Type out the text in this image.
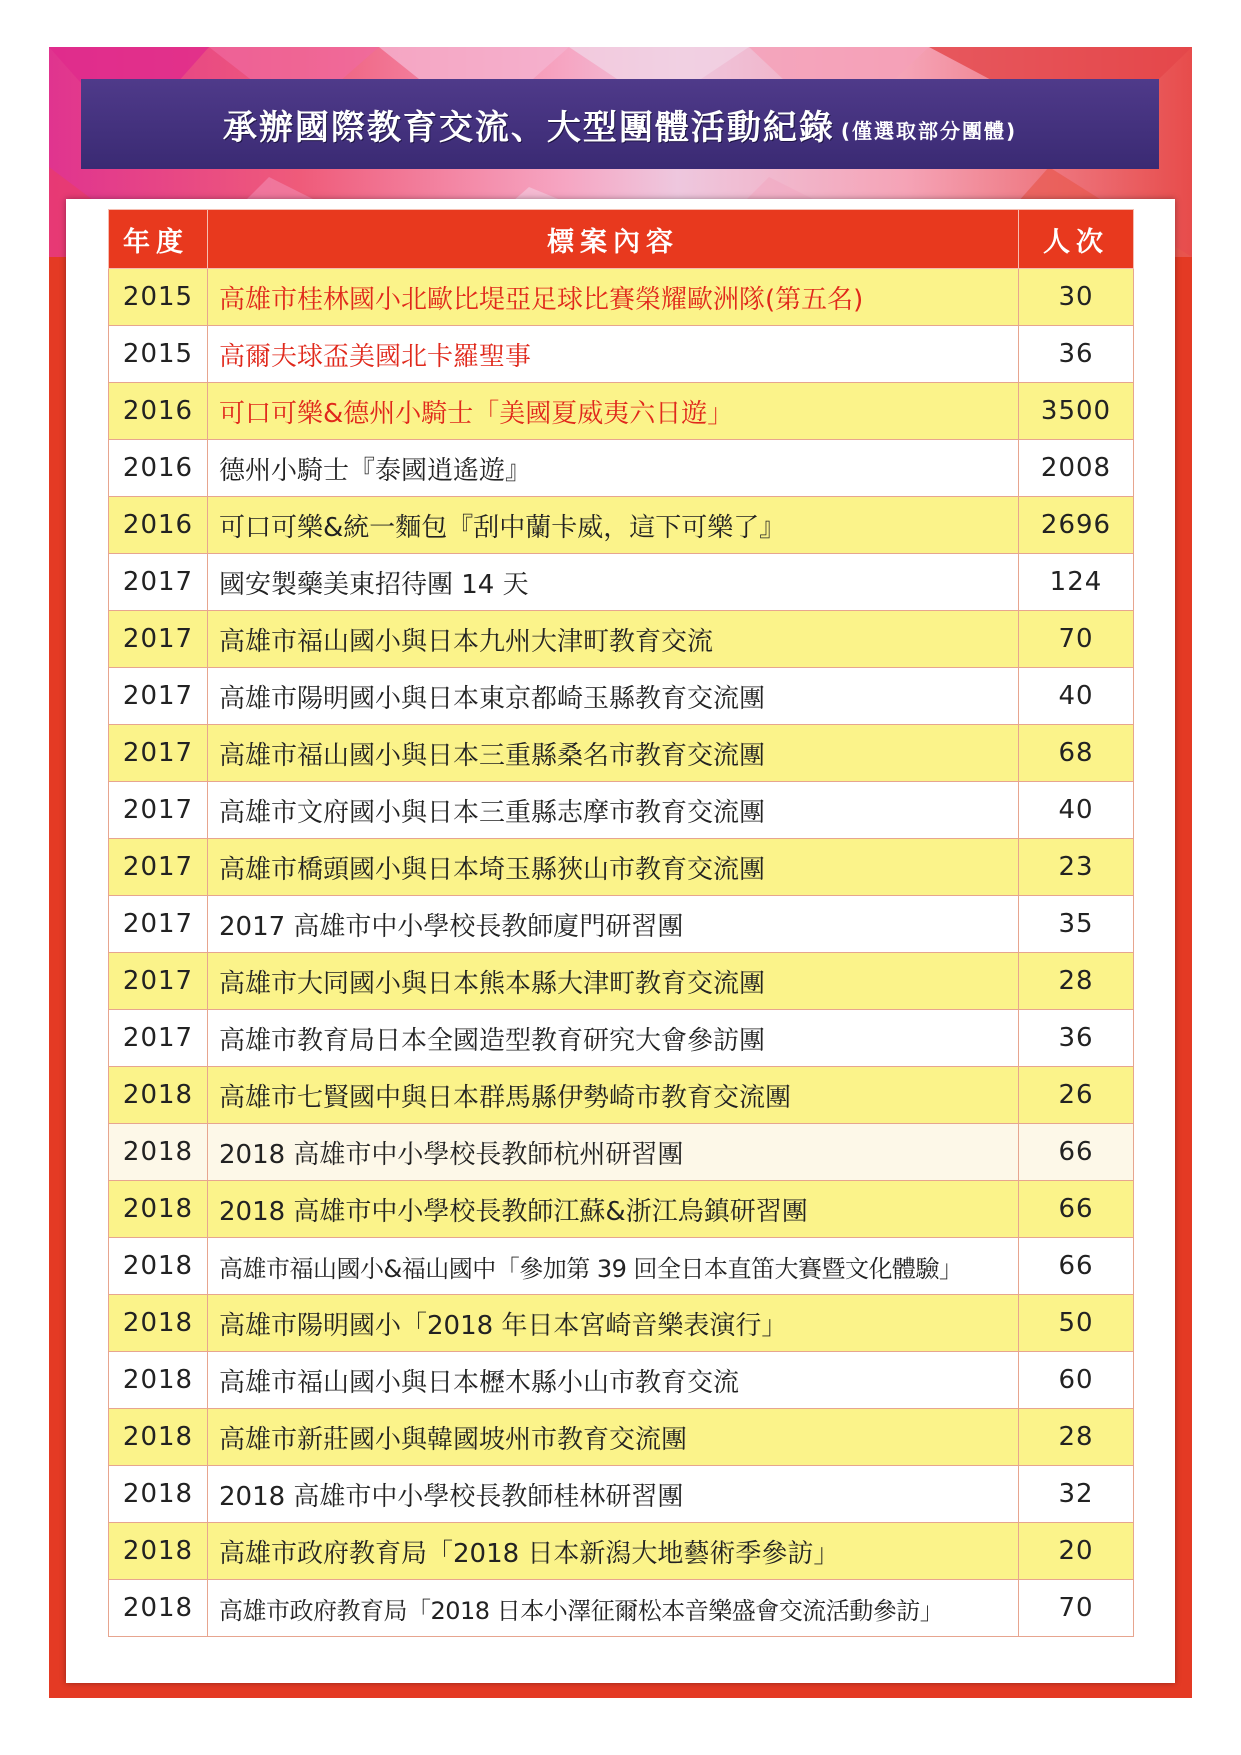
承辦國際教育交流、大型團體活動紀錄 (僅選取部分團體)
年度	標案內容	人次
2015	高雄市桂林國小北歐比堤亞足球比賽榮耀歐洲隊(第五名)	30
2015	高爾夫球盃美國北卡羅聖事	36
2016	可口可樂&德州小騎士「美國夏威夷六日遊」	3500
2016	德州小騎士『泰國逍遙遊』	2008
2016	可口可樂&統一麵包『刮中蘭卡威，這下可樂了』	2696
2017	國安製藥美東招待團 14 天	124
2017	高雄市福山國小與日本九州大津町教育交流	70
2017	高雄市陽明國小與日本東京都崎玉縣教育交流團	40
2017	高雄市福山國小與日本三重縣桑名市教育交流團	68
2017	高雄市文府國小與日本三重縣志摩市教育交流團	40
2017	高雄市橋頭國小與日本埼玉縣狹山市教育交流團	23
2017	2017 高雄市中小學校長教師廈門研習團	35
2017	高雄市大同國小與日本熊本縣大津町教育交流團	28
2017	高雄市教育局日本全國造型教育研究大會參訪團	36
2018	高雄市七賢國中與日本群馬縣伊勢崎市教育交流團	26
2018	2018 高雄市中小學校長教師杭州研習團	66
2018	2018 高雄市中小學校長教師江蘇&浙江烏鎮研習團	66
2018	高雄市福山國小&福山國中「參加第 39 回全日本直笛大賽暨文化體驗」	66
2018	高雄市陽明國小「2018 年日本宮崎音樂表演行」	50
2018	高雄市福山國小與日本櫪木縣小山市教育交流	60
2018	高雄市新莊國小與韓國坡州市教育交流團	28
2018	2018 高雄市中小學校長教師桂林研習團	32
2018	高雄市政府教育局「2018 日本新潟大地藝術季參訪」	20
2018	高雄市政府教育局「2018 日本小澤征爾松本音樂盛會交流活動參訪」	70
